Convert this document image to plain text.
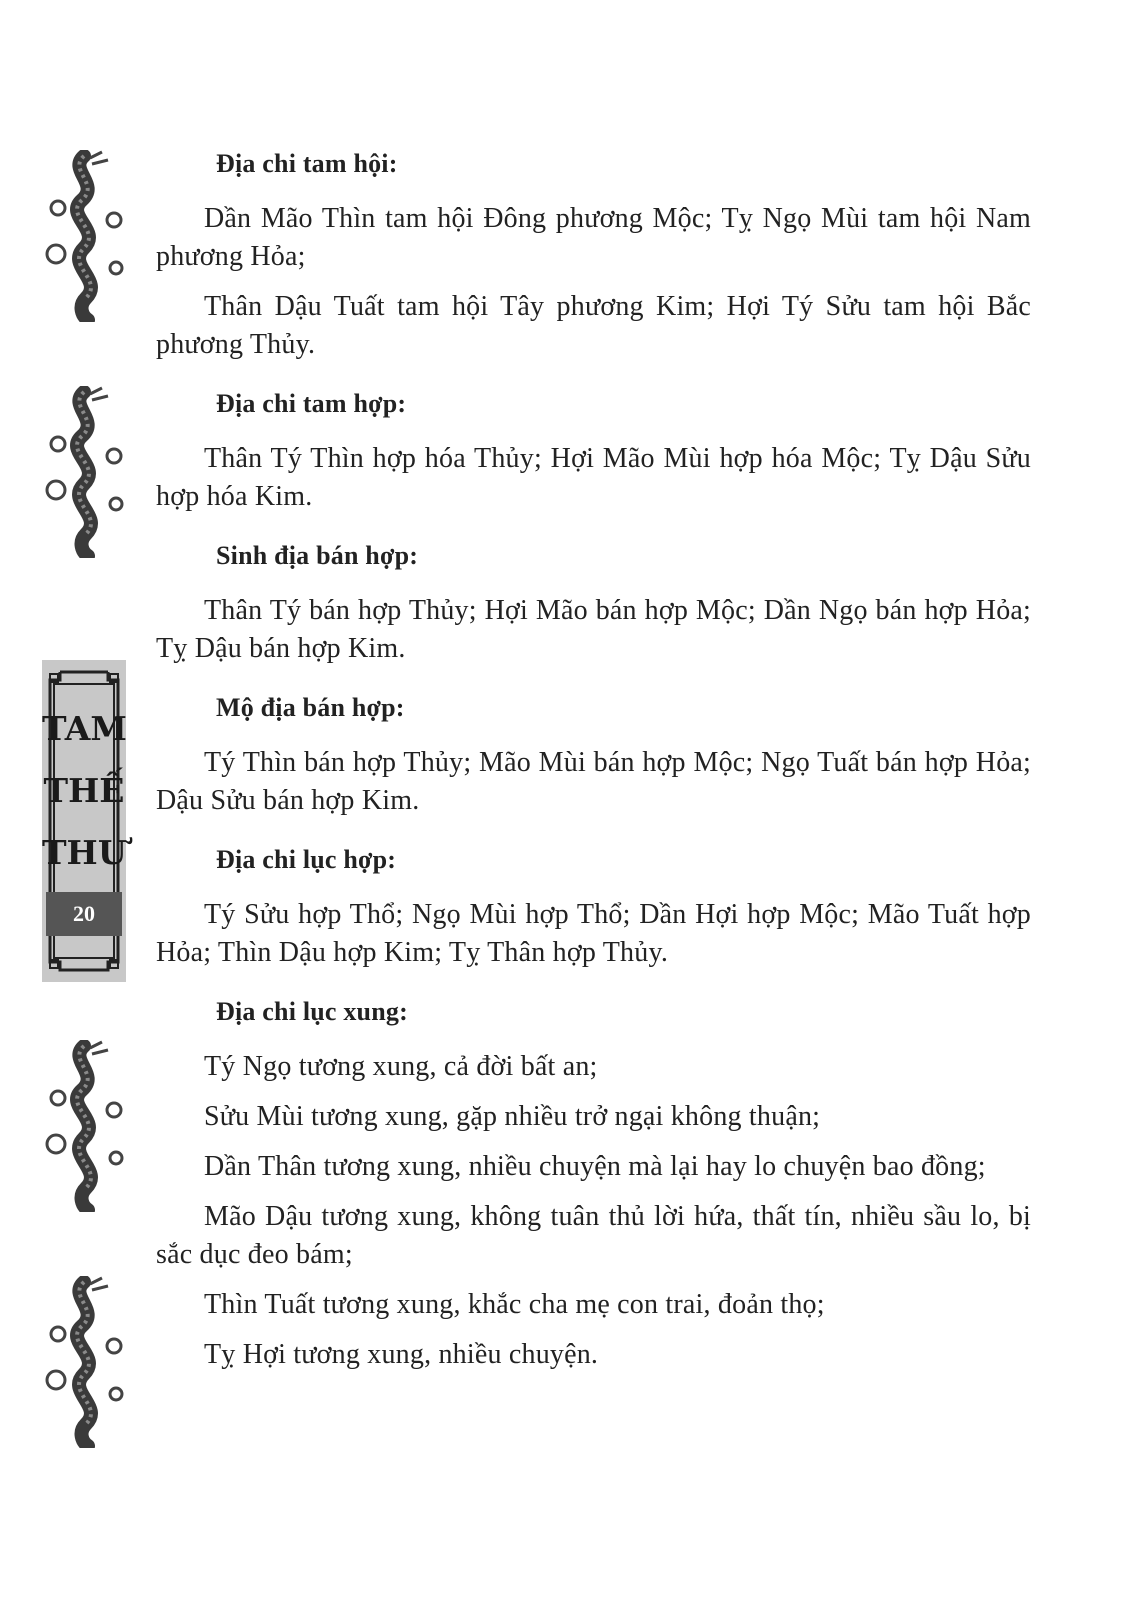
TAM
THẾ
THƯ
20

Địa chi tam hội:

Dần Mão Thìn tam hội Đông phương Mộc; Tỵ Ngọ Mùi tam hội Nam phương Hỏa;

Thân Dậu Tuất tam hội Tây phương Kim; Hợi Tý Sửu tam hội Bắc phương Thủy.

Địa chi tam hợp:

Thân Tý Thìn hợp hóa Thủy; Hợi Mão Mùi hợp hóa Mộc; Tỵ Dậu Sửu hợp hóa Kim.

Sinh địa bán hợp:

Thân Tý bán hợp Thủy; Hợi Mão bán hợp Mộc; Dần Ngọ bán hợp Hỏa; Tỵ Dậu bán hợp Kim.

Mộ địa bán hợp:

Tý Thìn bán hợp Thủy; Mão Mùi bán hợp Mộc; Ngọ Tuất bán hợp Hỏa; Dậu Sửu bán hợp Kim.

Địa chi lục hợp:

Tý Sửu hợp Thổ; Ngọ Mùi hợp Thổ; Dần Hợi hợp Mộc; Mão Tuất hợp Hỏa; Thìn Dậu hợp Kim; Tỵ Thân hợp Thủy.

Địa chi lục xung:

Tý Ngọ tương xung, cả đời bất an;

Sửu Mùi tương xung, gặp nhiều trở ngại không thuận;

Dần Thân tương xung, nhiều chuyện mà lại hay lo chuyện bao đồng;

Mão Dậu tương xung, không tuân thủ lời hứa, thất tín, nhiều sầu lo, bị sắc dục đeo bám;

Thìn Tuất tương xung, khắc cha mẹ con trai, đoản thọ;

Tỵ Hợi tương xung, nhiều chuyện.
